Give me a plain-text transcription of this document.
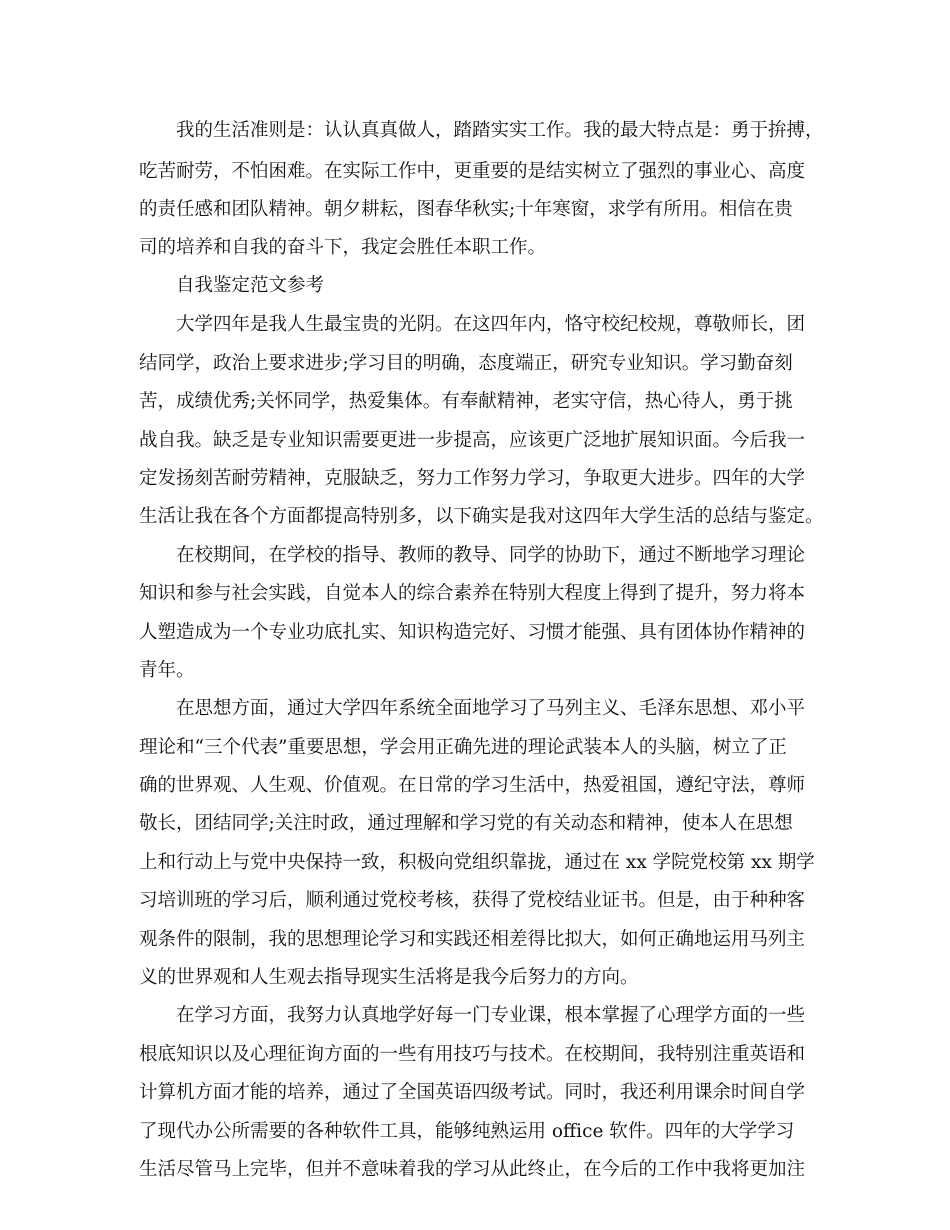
我的生活准则是：认认真真做人，踏踏实实工作。我的最大特点是：勇于拚搏，

吃苦耐劳，不怕困难。在实际工作中，更重要的是结实树立了强烈的事业心、高度

的责任感和团队精神。朝夕耕耘，图春华秋实;十年寒窗，求学有所用。相信在贵

司的培养和自我的奋斗下，我定会胜任本职工作。

自我鉴定范文参考

大学四年是我人生最宝贵的光阴。在这四年内，恪守校纪校规，尊敬师长，团

结同学，政治上要求进步;学习目的明确，态度端正，研究专业知识。学习勤奋刻

苦，成绩优秀;关怀同学，热爱集体。有奉献精神，老实守信，热心待人，勇于挑

战自我。缺乏是专业知识需要更进一步提高，应该更广泛地扩展知识面。今后我一

定发扬刻苦耐劳精神，克服缺乏，努力工作努力学习，争取更大进步。四年的大学

生活让我在各个方面都提高特别多，以下确实是我对这四年大学生活的总结与鉴定。

在校期间，在学校的指导、教师的教导、同学的协助下，通过不断地学习理论

知识和参与社会实践，自觉本人的综合素养在特别大程度上得到了提升，努力将本

人塑造成为一个专业功底扎实、知识构造完好、习惯才能强、具有团体协作精神的

青年。

在思想方面，通过大学四年系统全面地学习了马列主义、毛泽东思想、邓小平

理论和“三个代表”重要思想，学会用正确先进的理论武装本人的头脑，树立了正

确的世界观、人生观、价值观。在日常的学习生活中，热爱祖国，遵纪守法，尊师

敬长，团结同学;关注时政，通过理解和学习党的有关动态和精神，使本人在思想

上和行动上与党中央保持一致，积极向党组织靠拢，通过在 xx 学院党校第 xx 期学

习培训班的学习后，顺利通过党校考核，获得了党校结业证书。但是，由于种种客

观条件的限制，我的思想理论学习和实践还相差得比拟大，如何正确地运用马列主

义的世界观和人生观去指导现实生活将是我今后努力的方向。

在学习方面，我努力认真地学好每一门专业课，根本掌握了心理学方面的一些

根底知识以及心理征询方面的一些有用技巧与技术。在校期间，我特别注重英语和

计算机方面才能的培养，通过了全国英语四级考试。同时，我还利用课余时间自学

了现代办公所需要的各种软件工具，能够纯熟运用 office 软件。四年的大学学习

生活尽管马上完毕，但并不意味着我的学习从此终止，在今后的工作中我将更加注
